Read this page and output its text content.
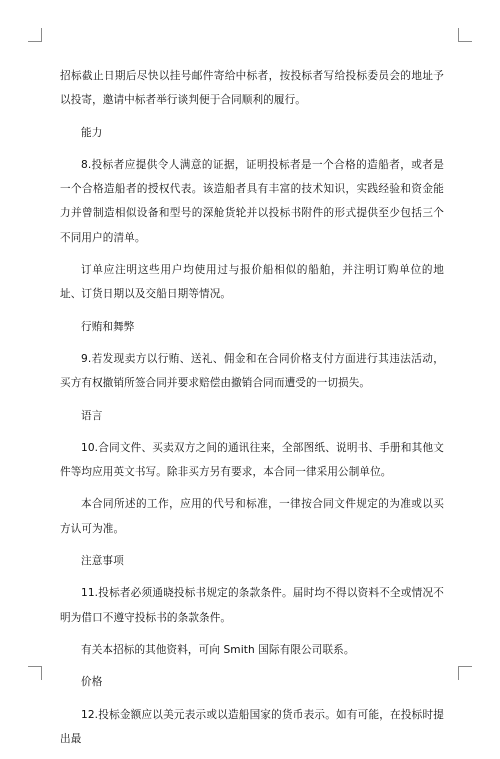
招标截止日期后尽快以挂号邮件寄给中标者，按投标者写给投标委员会的地址予以投寄，邀请中标者举行谈判便于合同顺利的履行。

能力

8.投标者应提供令人满意的证据，证明投标者是一个合格的造船者，或者是一个合格造船者的授权代表。该造船者具有丰富的技术知识，实践经验和资金能力并曾制造相似设备和型号的深舱货轮并以投标书附件的形式提供至少包括三个不同用户的清单。

订单应注明这些用户均使用过与报价船相似的船舶，并注明订购单位的地址、订货日期以及交船日期等情况。

行贿和舞弊

9.若发现卖方以行贿、送礼、佣金和在合同价格支付方面进行其违法活动，买方有权撤销所签合同并要求赔偿由撤销合同而遭受的一切损失。

语言

10.合同文件、买卖双方之间的通讯往来，全部图纸、说明书、手册和其他文件等均应用英文书写。除非买方另有要求，本合同一律采用公制单位。

本合同所述的工作，应用的代号和标准，一律按合同文件规定的为准或以买方认可为准。

注意事项

11.投标者必须通晓投标书规定的条款条件。届时均不得以资料不全或情况不明为借口不遵守投标书的条款条件。

有关本招标的其他资料，可向 Smith 国际有限公司联系。

价格

12.投标金额应以美元表示或以造船国家的货币表示。如有可能，在投标时提出最
